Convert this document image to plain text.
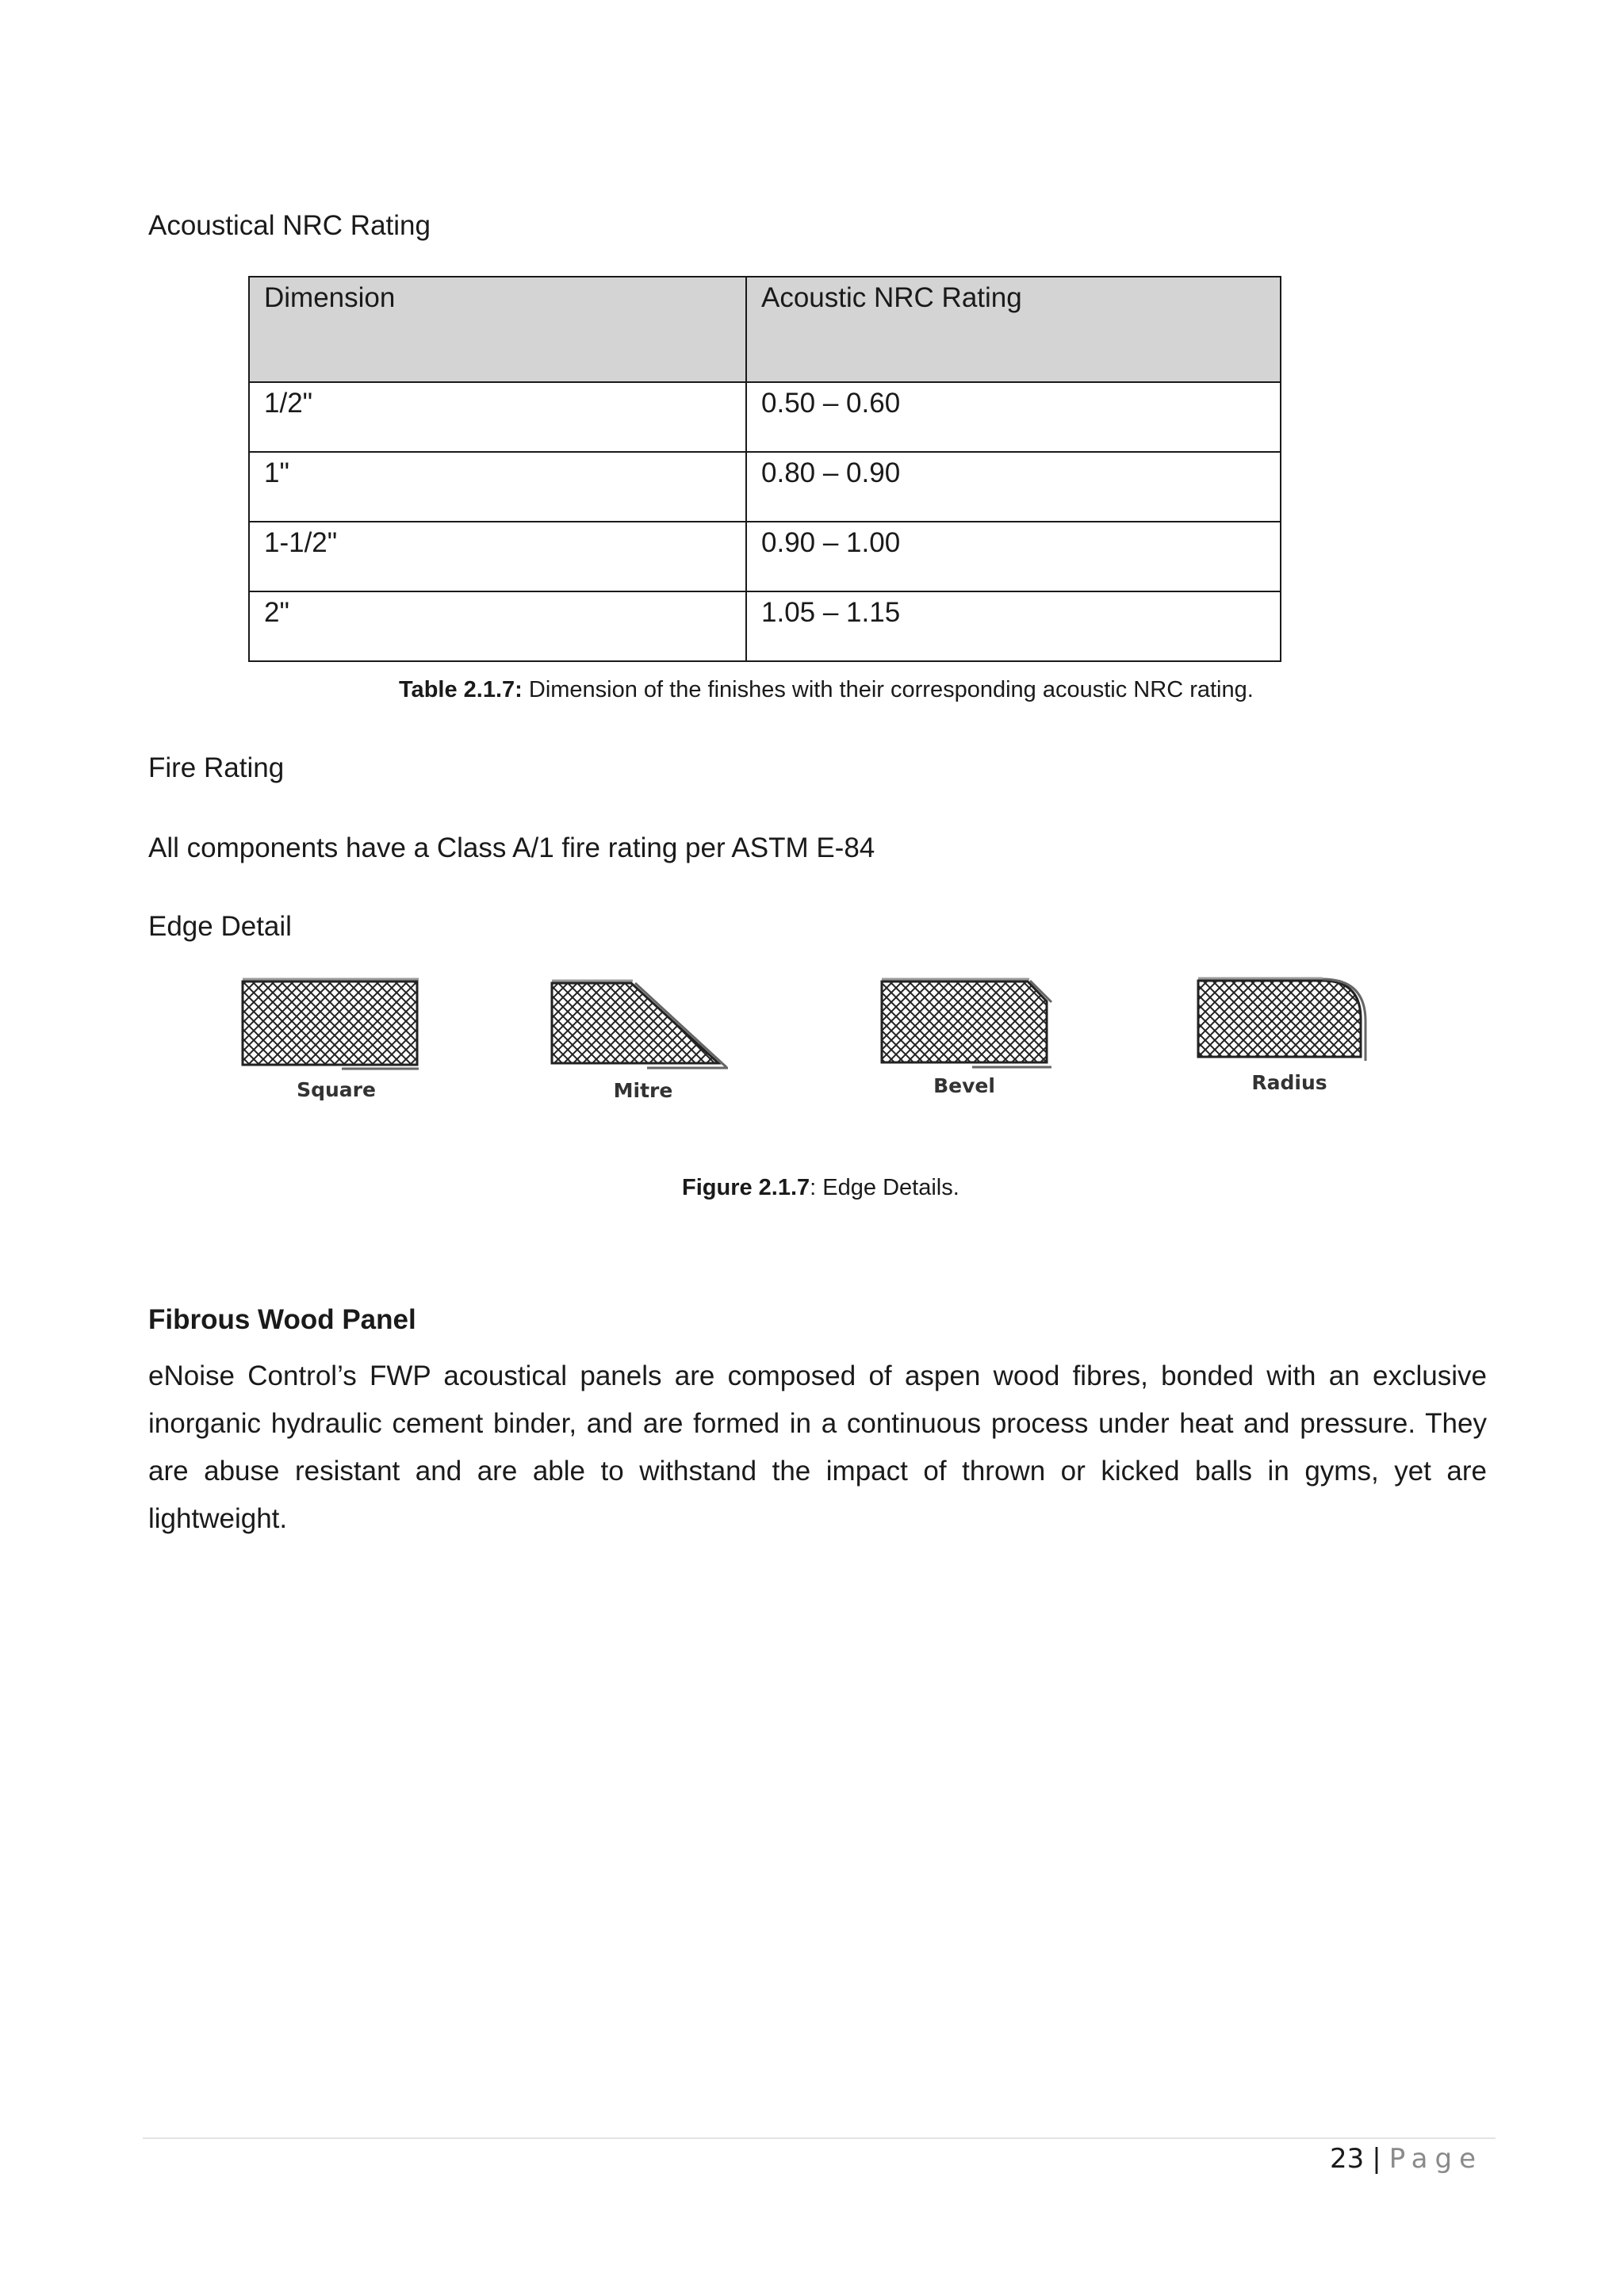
Acoustical NRC Rating
Dimension	Acoustic NRC Rating
1/2"	0.50 – 0.60
1"	0.80 – 0.90
1-1/2"	0.90 – 1.00
2"	1.05 – 1.15
Table 2.1.7: Dimension of the finishes with their corresponding acoustic NRC rating.
Fire Rating
All components have a Class A/1 fire rating per ASTM E-84
Edge Detail
Square	Mitre	Bevel	Radius
Figure 2.1.7: Edge Details.
Fibrous Wood Panel
eNoise Control’s FWP acoustical panels are composed of aspen wood fibres, bonded with an exclusive inorganic hydraulic cement binder, and are formed in a continuous process under heat and pressure. They are abuse resistant and are able to withstand the impact of thrown or kicked balls in gyms, yet are lightweight.
23 | Page
